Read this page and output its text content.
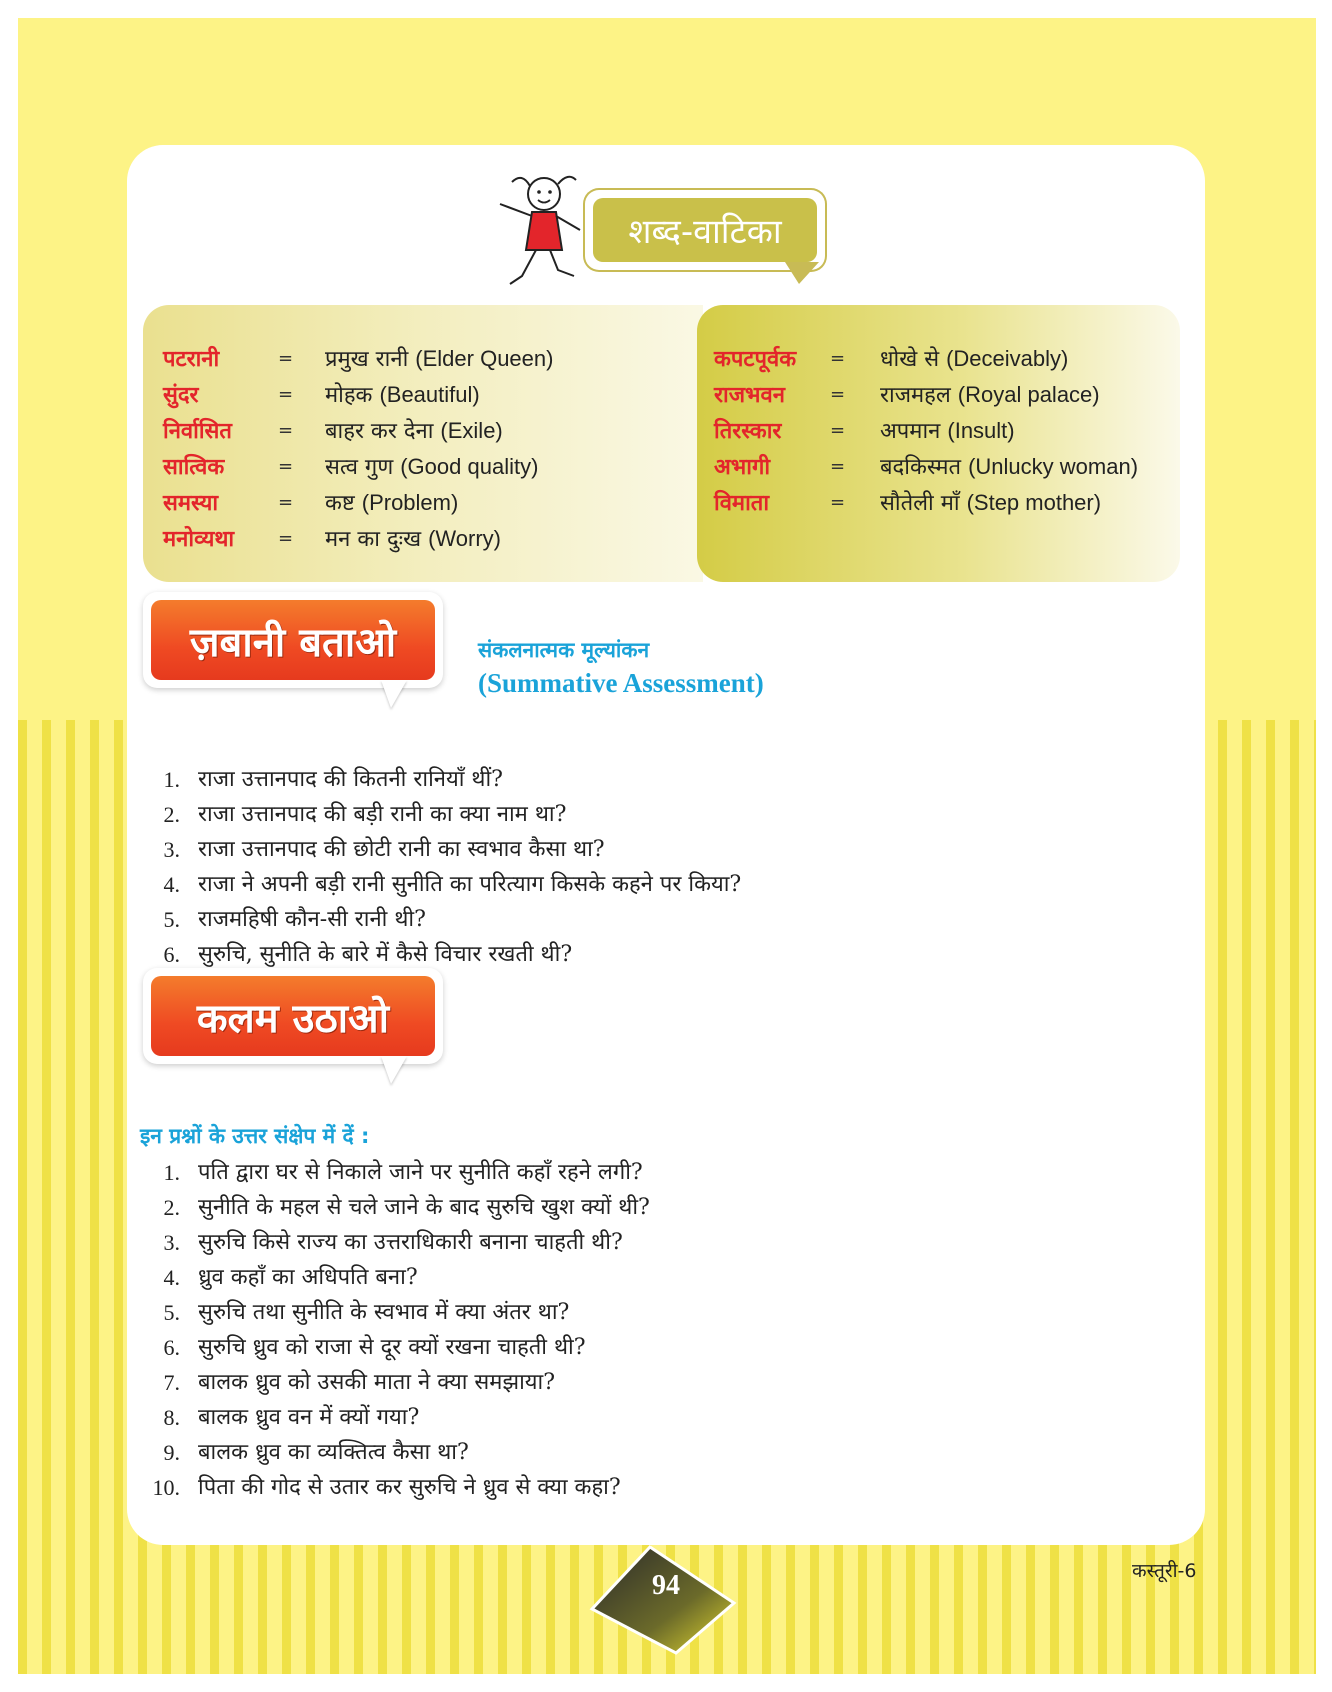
शब्द-वाटिका
पटरानी	= प्रमुख रानी (Elder Queen)
सुंदर	= मोहक (Beautiful)
निर्वासित	= बाहर कर देना (Exile)
सात्विक	= सत्व गुण (Good quality)
समस्या	= कष्ट (Problem)
मनोव्यथा = मन का दुःख (Worry)
कपटपूर्वक = धोखे से (Deceivably)
राजभवन	= राजमहल (Royal palace)
तिरस्कार	= अपमान (Insult)
अभागी	= बदकिस्मत (Unlucky woman)
विमाता	= सौतेली माँ (Step mother)
ज़बानी बताओ	संकलनात्मक मूल्यांकन
(Summative Assessment)
1. राजा उत्तानपाद की कितनी रानियाँ थीं?
2. राजा उत्तानपाद की बड़ी रानी का क्या नाम था?
3. राजा उत्तानपाद की छोटी रानी का स्वभाव कैसा था?
4. राजा ने अपनी बड़ी रानी सुनीति का परित्याग किसके कहने पर किया?
5. राजमहिषी कौन-सी रानी थी?
6. सुरुचि, सुनीति के बारे में कैसे विचार रखती थी?
कलम उठाओ
इन प्रश्नों के उत्तर संक्षेप में दें :
1. पति द्वारा घर से निकाले जाने पर सुनीति कहाँ रहने लगी?
2. सुनीति के महल से चले जाने के बाद सुरुचि खुश क्यों थी?
3. सुरुचि किसे राज्य का उत्तराधिकारी बनाना चाहती थी?
4. ध्रुव कहाँ का अधिपति बना?
5. सुरुचि तथा सुनीति के स्वभाव में क्या अंतर था?
6. सुरुचि ध्रुव को राजा से दूर क्यों रखना चाहती थी?
7. बालक ध्रुव को उसकी माता ने क्या समझाया?
8. बालक ध्रुव वन में क्यों गया?
9. बालक ध्रुव का व्यक्तित्व कैसा था?
10. पिता की गोद से उतार कर सुरुचि ने ध्रुव से क्या कहा?
94	कस्तूरी-6
